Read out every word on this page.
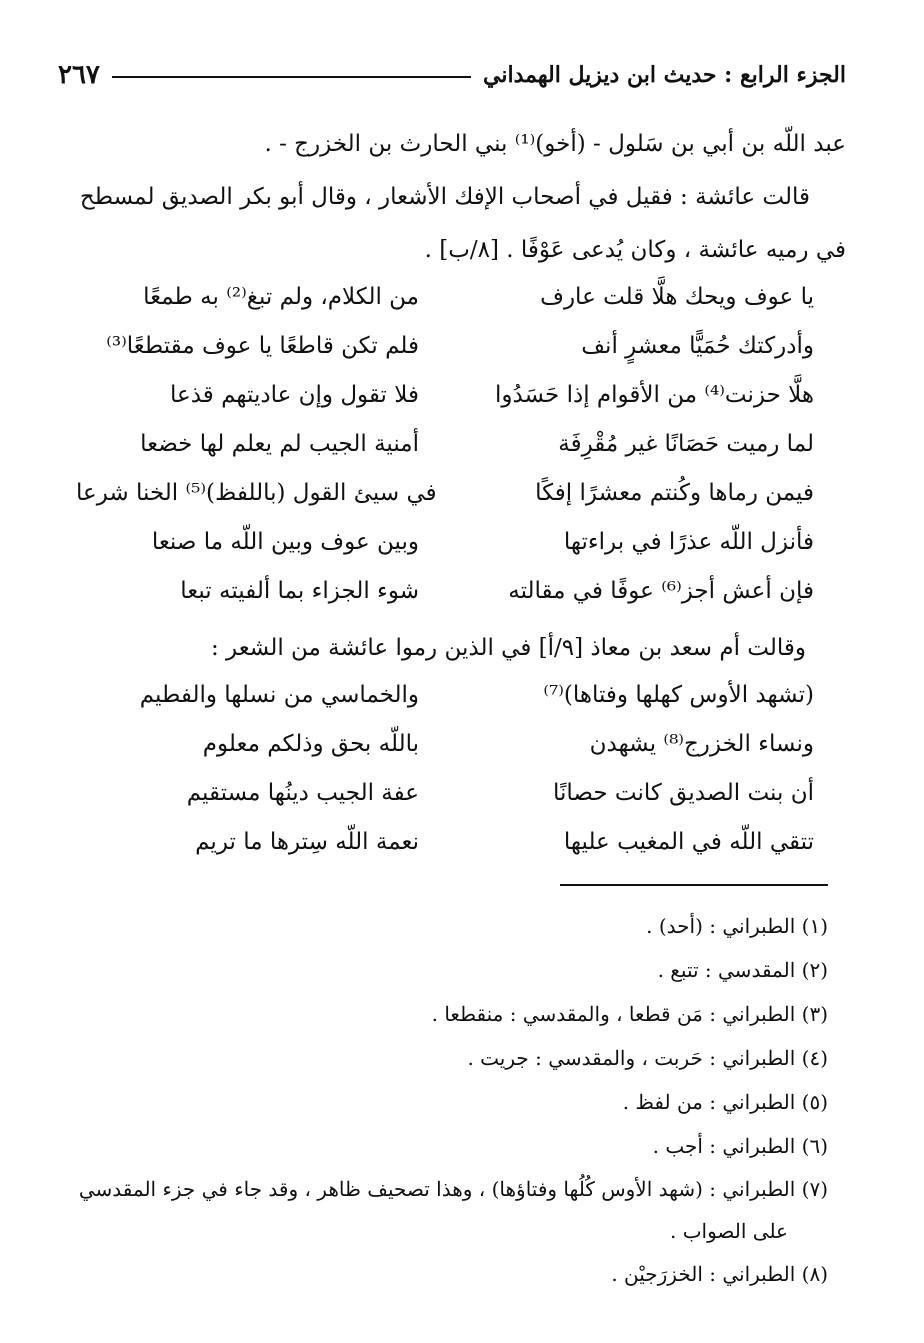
الجزء الرابع : حديث ابن ديزيل الهمداني
٢٦٧

عبد اللّه بن أبي بن سَلول - (أخو)⁽¹⁾ بني الحارث بن الخزرج - .

قالت عائشة : فقيل في أصحاب الإفك الأشعار ، وقال أبو بكر الصديق لمسطح

في رميه عائشة ، وكان يُدعى عَوْفًا . [٨/ب] .

يا عوف ويحك هلَّا قلت عارف
من الكلام، ولم تبغ⁽²⁾ به طمعًا
وأدركتك حُمَيًّا معشرٍ أنف
فلم تكن قاطعًا يا عوف مقتطعًا⁽³⁾
هلَّا حزنت⁽⁴⁾ من الأقوام إذا حَسَدُوا
فلا تقول وإن عاديتهم قذعا
لما رميت حَصَانًا غير مُقْرِفَة
أمنية الجيب لم يعلم لها خضعا
فيمن رماها وكُنتم معشرًا إفكًا
في سيئ القول (باللفظ)⁽⁵⁾ الخنا شرعا
فأنزل اللّه عذرًا في براءتها
وبين عوف وبين اللّه ما صنعا
فإن أعش أجز⁽⁶⁾ عوفًا في مقالته
شوء الجزاء بما ألفيته تبعا
وقالت أم سعد بن معاذ [٩/أ] في الذين رموا عائشة من الشعر :
(تشهد الأوس كهلها وفتاها)⁽⁷⁾
والخماسي من نسلها والفطيم
ونساء الخزرج⁽⁸⁾ يشهدن
باللّه بحق وذلكم معلوم
أن بنت الصديق كانت حصانًا
عفة الجيب دينُها مستقيم
تتقي اللّه في المغيب عليها
نعمة اللّه سِترها ما تريم
(١) الطبراني : (أحد) .
(٢) المقدسي : تتبع .
(٣) الطبراني : مَن قطعا ، والمقدسي : منقطعا .
(٤) الطبراني : حَربت ، والمقدسي : جريت .
(٥) الطبراني : من لفظ .
(٦) الطبراني : أجب .
(٧) الطبراني : (شهد الأوس كُلُها وفتاؤها) ، وهذا تصحيف ظاهر ، وقد جاء في جزء المقدسي
على الصواب .
(٨) الطبراني : الخزرَجيْن .
